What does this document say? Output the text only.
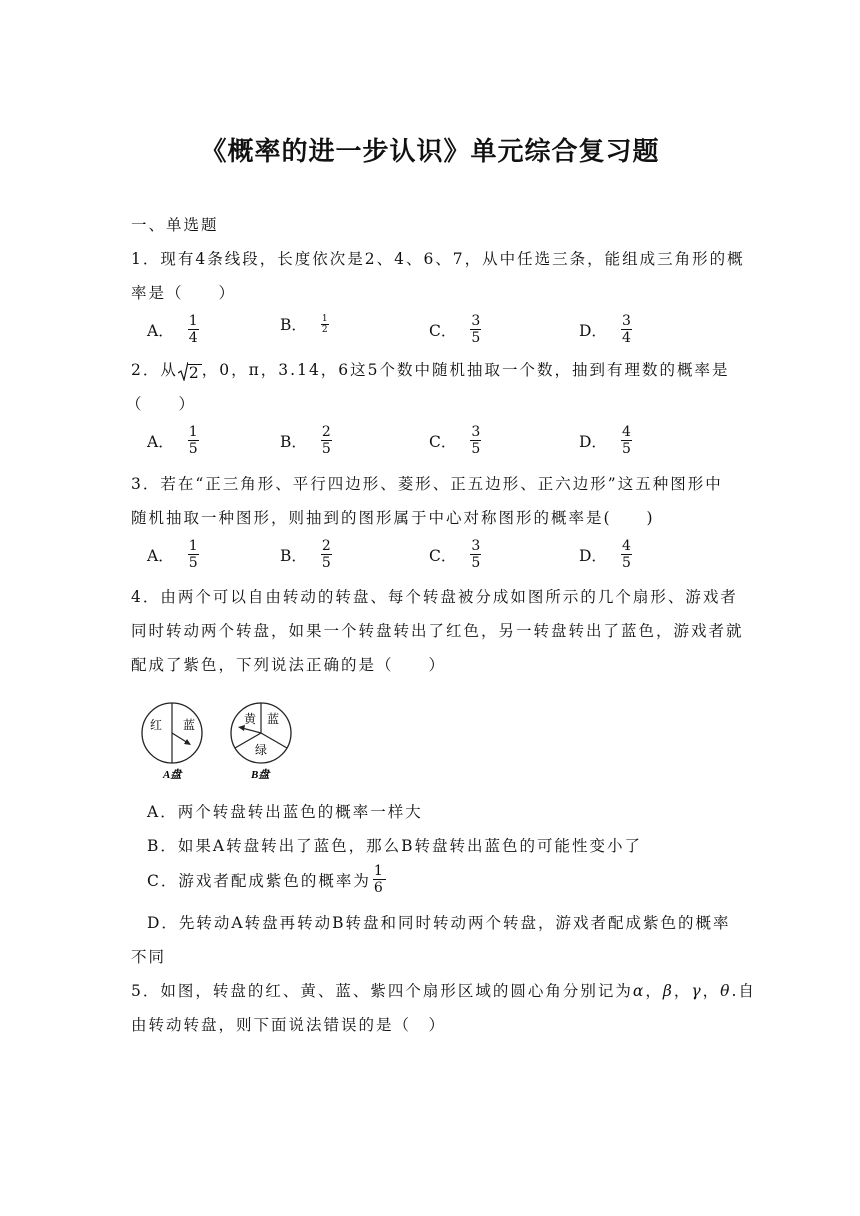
《概率的进一步认识》单元综合复习题
一、单选题
1．现有4条线段，长度依次是2、4、6、7，从中任选三条，能组成三角形的概
率是（　　）
A． $\frac{1}{4}$	B． $\frac{1}{2}$	C． $\frac{3}{5}$	D． $\frac{3}{4}$
2．从 2 ，0，π，3.14，6这5个数中随机抽取一个数，抽到有理数的概率是
（　　）
A． $\frac{1}{5}$	B． $\frac{2}{5}$	C． $\frac{3}{5}$	D． $\frac{4}{5}$
3．若在“正三角形、平行四边形、菱形、正五边形、正六边形”这五种图形中
随机抽取一种图形，则抽到的图形属于中心对称图形的概率是(　　)
A． $\frac{1}{5}$	B． $\frac{2}{5}$	C． $\frac{3}{5}$	D． $\frac{4}{5}$
4．由两个可以自由转动的转盘、每个转盘被分成如图所示的几个扇形、游戏者
同时转动两个转盘，如果一个转盘转出了红色，另一转盘转出了蓝色，游戏者就
配成了紫色，下列说法正确的是（　　）
红 蓝
A盘
黄 蓝
绿
B盘
A．两个转盘转出蓝色的概率一样大
B．如果A转盘转出了蓝色，那么B转盘转出蓝色的可能性变小了
C．游戏者配成紫色的概率为 $\frac{1}{6}$
D．先转动A转盘再转动B转盘和同时转动两个转盘，游戏者配成紫色的概率
不同
5．如图，转盘的红、黄、蓝、紫四个扇形区域的圆心角分别记为α，β，γ，θ.自
由转动转盘，则下面说法错误的是（　）
